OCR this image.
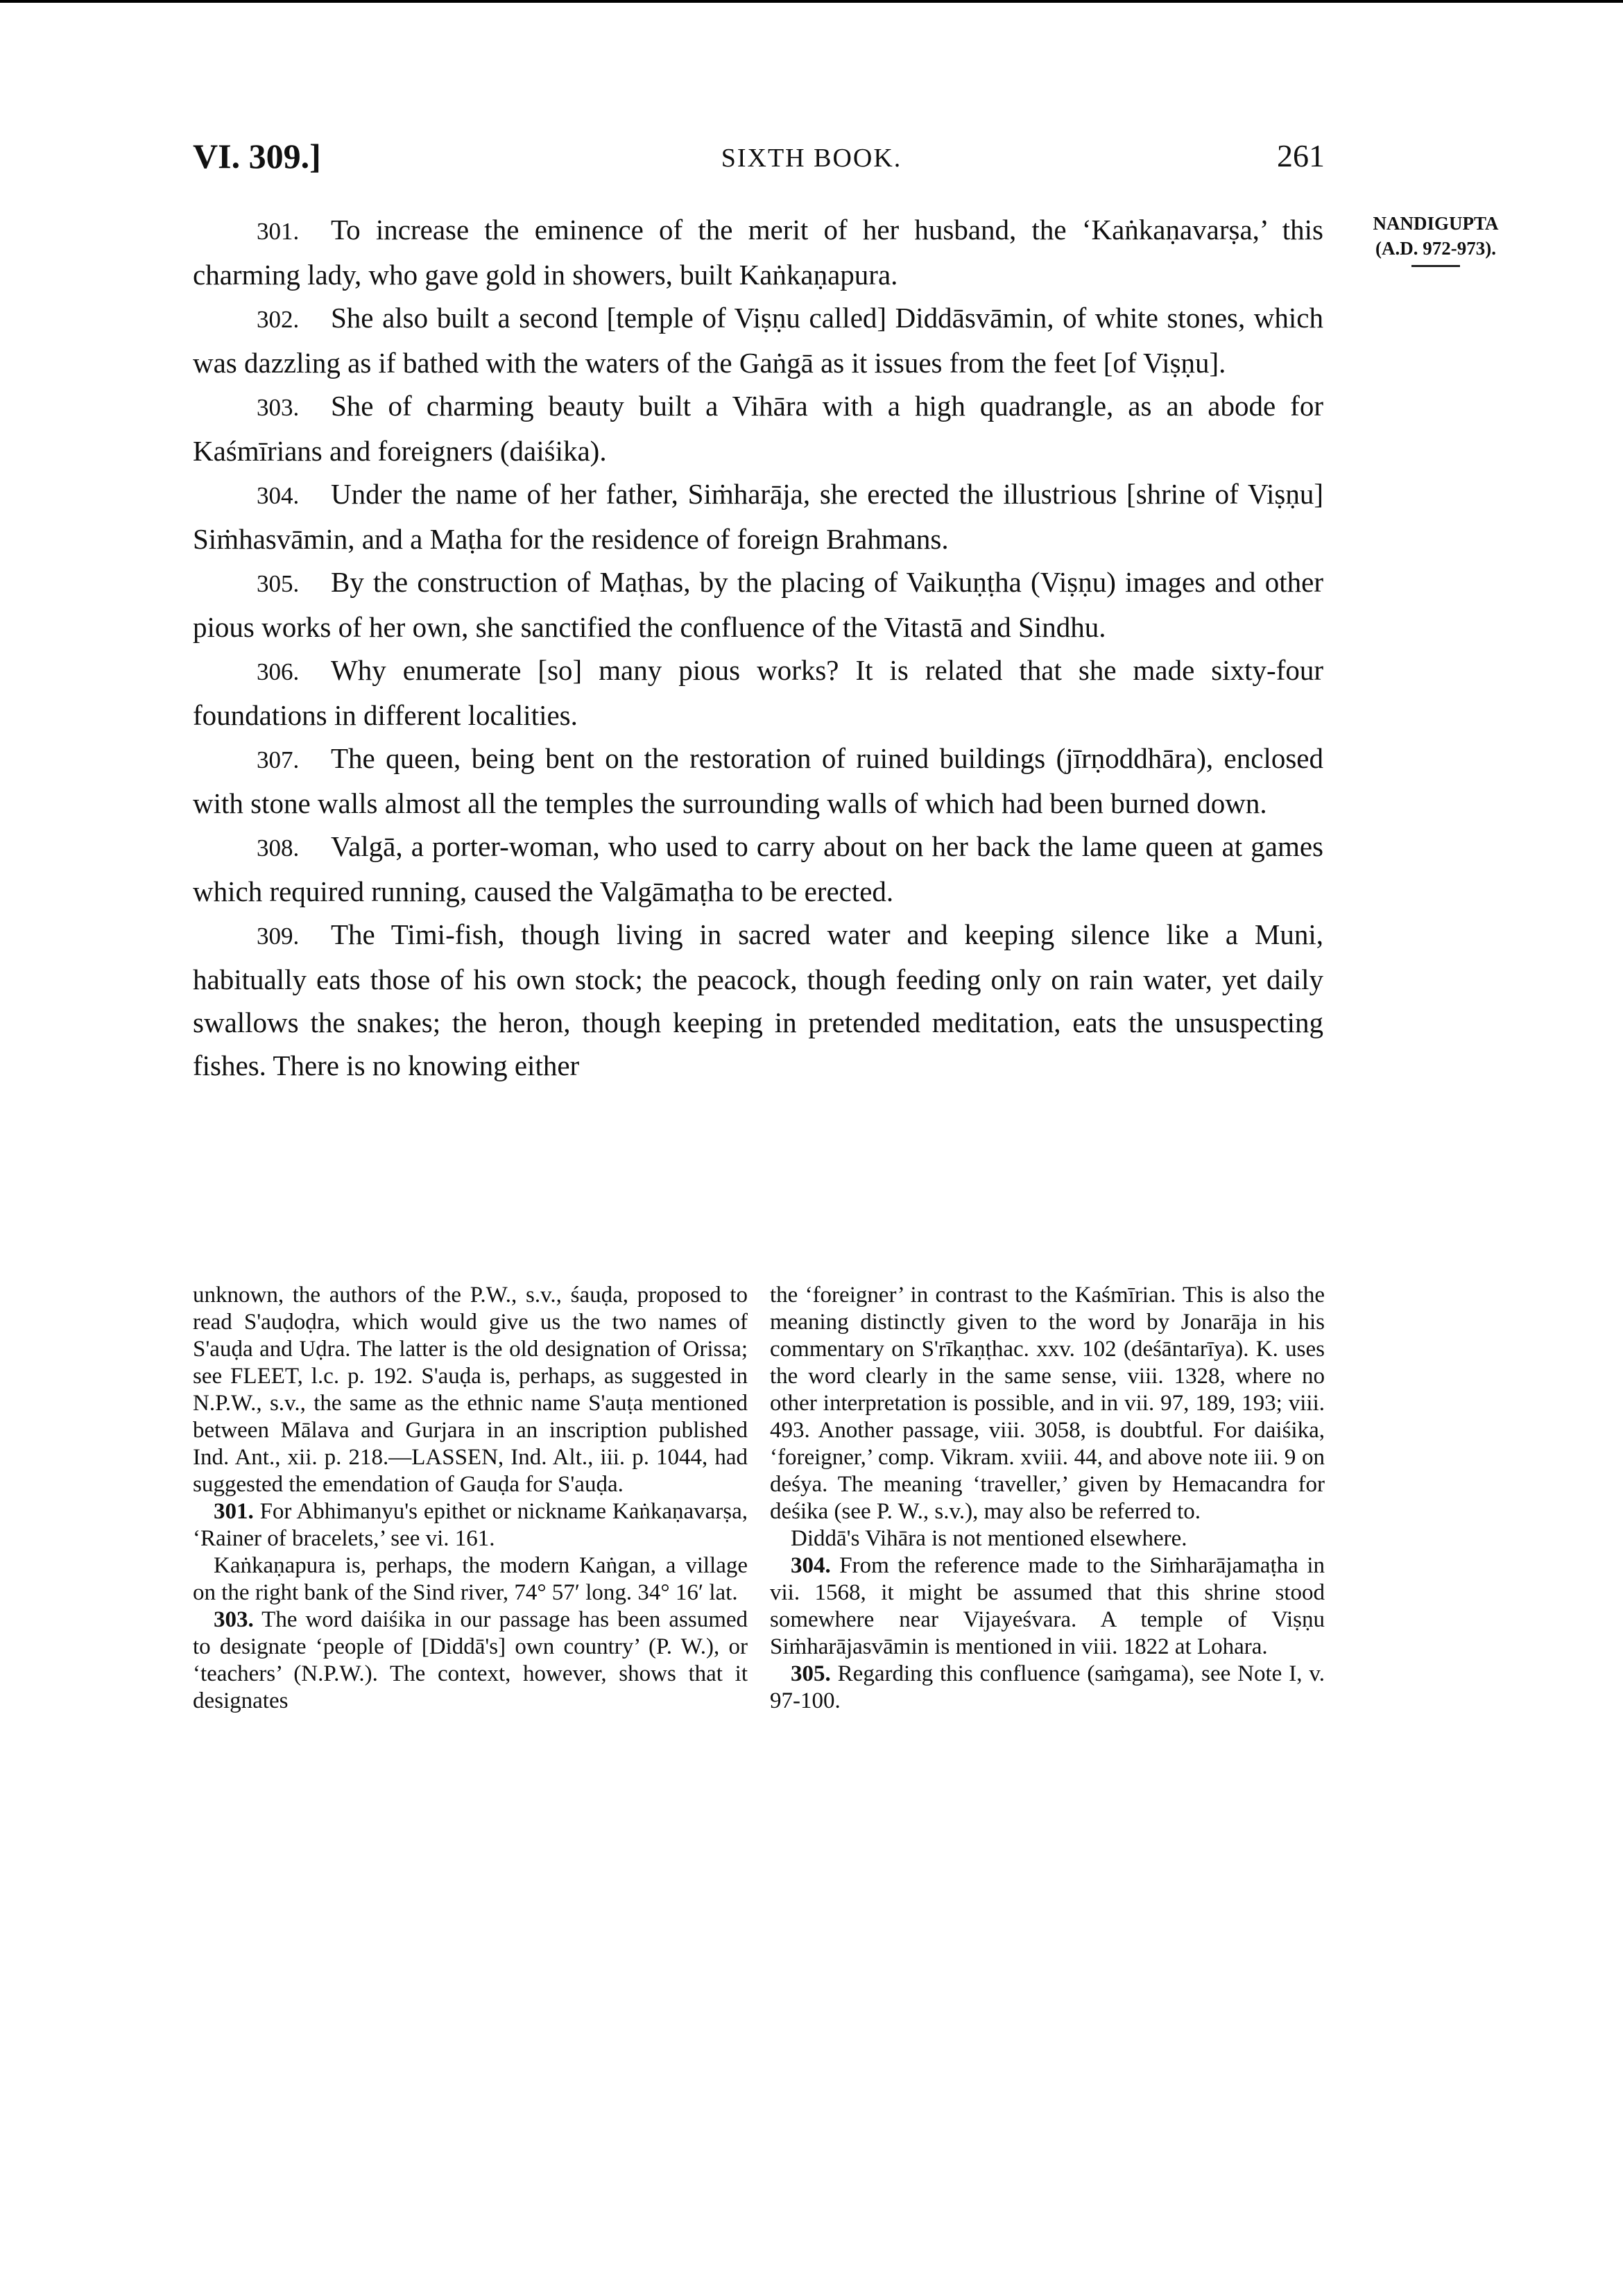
VI. 309.]	SIXTH BOOK.	261
NANDIGUPTA
(A.D. 972-973).

301. To increase the eminence of the merit of her husband, the ‘Kaṅkaṇavarṣa,’ this charming lady, who gave gold in showers, built Kaṅkaṇapura.

302. She also built a second [temple of Viṣṇu called] Diddāsvāmin, of white stones, which was dazzling as if bathed with the waters of the Gaṅgā as it issues from the feet [of Viṣṇu].

303. She of charming beauty built a Vihāra with a high quadrangle, as an abode for Kaśmīrians and foreigners (daiśika).

304. Under the name of her father, Siṁharāja, she erected the illustrious [shrine of Viṣṇu] Siṁhasvāmin, and a Maṭha for the residence of foreign Brahmans.

305. By the construction of Maṭhas, by the placing of Vaikuṇṭha (Viṣṇu) images and other pious works of her own, she sanctified the confluence of the Vitastā and Sindhu.

306. Why enumerate [so] many pious works? It is related that she made sixty-four foundations in different localities.

307. The queen, being bent on the restoration of ruined buildings (jīrṇoddhāra), enclosed with stone walls almost all the temples the surrounding walls of which had been burned down.

308. Valgā, a porter-woman, who used to carry about on her back the lame queen at games which required running, caused the Valgāmaṭha to be erected.

309. The Timi-fish, though living in sacred water and keeping silence like a Muni, habitually eats those of his own stock; the peacock, though feeding only on rain water, yet daily swallows the snakes; the heron, though keeping in pretended meditation, eats the unsuspecting fishes. There is no knowing either

unknown, the authors of the P.W., s.v., śauḍa, proposed to read S'auḍoḍra, which would give us the two names of S'auḍa and Uḍra. The latter is the old designation of Orissa; see FLEET, l.c. p. 192. S'auḍa is, perhaps, as suggested in N.P.W., s.v., the same as the ethnic name S'auṭa mentioned between Mālava and Gurjara in an inscription published Ind. Ant., xii. p. 218.—LASSEN, Ind. Alt., iii. p. 1044, had suggested the emendation of Gauḍa for S'auḍa.

301. For Abhimanyu's epithet or nickname Kaṅkaṇavarṣa, ‘Rainer of bracelets,’ see vi. 161.

Kaṅkaṇapura is, perhaps, the modern Kaṅgan, a village on the right bank of the Sind river, 74° 57′ long. 34° 16′ lat.

303. The word daiśika in our passage has been assumed to designate ‘people of [Diddā's] own country’ (P. W.), or ‘teachers’ (N.P.W.). The context, however, shows that it designates

the ‘foreigner’ in contrast to the Kaśmīrian. This is also the meaning distinctly given to the word by Jonarāja in his commentary on S'rīkaṇṭhac. xxv. 102 (deśāntarīya). K. uses the word clearly in the same sense, viii. 1328, where no other interpretation is possible, and in vii. 97, 189, 193; viii. 493. Another passage, viii. 3058, is doubtful. For daiśika, ‘foreigner,’ comp. Vikram. xviii. 44, and above note iii. 9 on deśya. The meaning ‘traveller,’ given by Hemacandra for deśika (see P. W., s.v.), may also be referred to.

Diddā's Vihāra is not mentioned elsewhere.

304. From the reference made to the Siṁharājamaṭha in vii. 1568, it might be assumed that this shrine stood somewhere near Vijayeśvara. A temple of Viṣṇu Siṁharājasvāmin is mentioned in viii. 1822 at Lohara.

305. Regarding this confluence (saṁgama), see Note I, v. 97-100.
